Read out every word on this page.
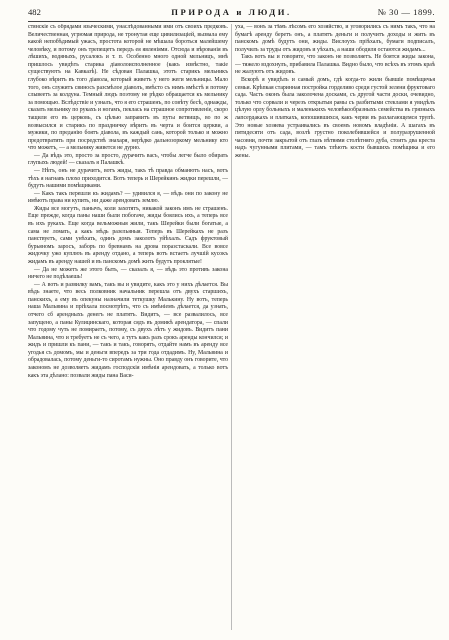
482	ПРИРОДА и ЛЮДИ.	№ 30 — 1899.

стянскіе съ обрядами языческими, унаслѣдованными ими отъ своихъ предковъ. Величественная, угрюмая природа, не тронутая еще цивилизаціей, вызвала ему какой непобѣдимый ужасъ, простота которой не мѣшала бороться малейшему человѣку, и потому онъ трепещетъ передъ ея явленіями. Отсюда и вѣрованія въ лѣшихъ, водяныхъ, русалокъ и т. п. Особенно много одной мельницъ, мнѣ пришлось увидѣть старика діаволоисполненное (какъ извѣстно, такіе существуютъ на Кавказѣ). Не сѣдовая Палашка, этотъ старикъ мельникъ глубоко вѣритъ въ того діавола, который живетъ у него жеги мельницы. Мало того, онъ служитъ свиносъ разсмѣлое діаволъ, вмѣсто съ нимъ вмѣстѣ и потому слывеетъ за колдуна. Темный людъ поэтому не рѣдко обращается къ мельнику за помощью. Вслѣдствіе и узналъ, что я его страшенъ, по совѣту бесѣ, однажды, сказать мельнику по рукахъ и ногамъ, пеклась на страшное сопротивленіе, скоро тащили его въ церковь, съ цѣлью заправитъ въ путы ветвищъ, во по ж возвысился и старикъ по праздничку вѣритъ въ черта и боится церкви, а мужики, по преданію боятъ діавола, въ каждый сань, которой только и можно предотвратить при посредствѣ знахаря, нерѣдко дальнозоркому мельнику кто что можетъ, — а мельнику живется не дурно.

— Да вѣдь это, просто за просто, дурачитъ васъ, чтобы легче было обирать глупыхъ людей! — сказалъ я Палашкѣ.

— Нѣтъ, онъ не дурачитъ, вотъ жиды, такъ тѣ правда обманютъ насъ, вотъ тѣхъ я нагнавъ плохо приходится. Вотъ теперь и Шерейкинъ жидки перешли, — будутъ нашими помѣщиками.

— Какъ такъ перешли къ жидамъ? — удивился я, — вѣдь они по закону не имѣютъ права ни купить, ни даже арендовать землю.

Жиды все могутъ, панычъ, коли захотятъ, никакой законъ имъ не страшенъ. Еще прежде, когда паны наши были побогаче, жиды боялись ихъ, а теперь все въ ихъ рукахъ. Еще когда вельможныя жили, такъ Шерейки были богатые, а сама не ломать, а какъ мѣдь разельяныя. Теперь въ Шерейкахъ не разъ панствуетъ, сами унѣхать, одинъ домъ заколотъ уйѣхалъ. Садъ фруктовый бурьяномъ заросъ, заборъ по бревнамъ на дрова поразстаскали. Все вовсе жидочку ужо куплюъ въ аренду отдано, а теперь вотъ встаетъ лучшій кусокъ жидамъ въ аренду нашей и въ панскомъ домѣ жить будутъ проклятые!

— Да не можетъ же этого быть, — сказалъ я, — вѣдь это противъ закона ничего не подѣлаешь!

— А вотъ и развилку вамъ, такъ вы и увидите, какъ это у нихъ дѣлается. Вы вѣдь знаете, что весь полковник начальник перешла отъ двухъ старшихъ, панскихъ, а ему въ опекуны назначили теткушку Малькину. Ну вотъ, теперь наша Мальвина и пріѣхала посмотрѣть, что съ имѣніемъ дѣлается, да узнать, отчего сб арендныхъ денегъ не платятъ. Видитъ, — все развалилось, все запущено, а паны Кулицинскаго, которая сядъ въ домикѣ арендатора, — спали что годому чуть не помираетъ, потому, съ двухъ лѣтъ у жидовъ. Видитъ пани Мальвина, что и требуетъ не съ чего, а тутъ какъ разъ срокъ аренды кончился; и жидъ и пришли къ пани, — такъ и такъ, говорятъ, отдайте намъ въ аренду все угодья съ домомъ, мы и деньги впередъ за три года отдадимъ. Ну, Мальвина и обрадовалась, потому деньги-то сиротамъ нужны. Оно правду онъ говорите, что закономъ не дозволяетъ жидамъ господскія имѣнія арендовать, а только вотъ какъ эта дѣлано: позвали жиды пана Васи-

уха, — вонъ за тѣмъ лѣсомъ его хозяйство, и уговорились съ нимъ такъ, что на бумагѣ аренду беретъ онъ, а платятъ деньги и получитъ доходы и жить въ панскомъ домѣ будутъ они, жиды. Вислоухъ пріѣхалъ, бумаги подписалъ, получилъ за труды отъ жидовъ и уѣхалъ, а наши ободиля остаются жидамъ...

Такъ вотъ вы и говорите, что законъ не позволяетъ. Не боятся жиды закона, — тяжело вздохнулъ, прибавила Палашка. Видно было, что всѣхъ въ этомъ краѣ не жалуютъ отъ жидовъ.

Вскорѣ я увидѣлъ и самый домъ, гдѣ когда-то жили бывшіе помѣщичья семьи. Крѣпкая старинная постройка горделиво среди густой зелени фруктоваго сада. Часть оконъ была заколочена досками, съ другой части доски, очевидно, только что сорвали и черезъ открытыя рамы съ разбитыми стеклами я увидѣлъ цѣлую орлу больныхъ и маленькихъ человѣкообразныхъ семейства въ грязныхъ лапсердакахъ и платкахъ, копошившихся, какъ черви въ разлагающемся трупѣ. Это новые хозяева устраивались въ своемъ новомъ владѣніи. А шагахъ въ пятидесяти отъ сада, возлѣ грустно поколебившейся и полуразрушенной часовни, почти закрытой отъ глазъ вѣтвями столѣтняго дуба, стоитъ два креста надъ чугунными плитами, — тамъ тлѣютъ кости бывшихъ помѣщика и его жены.
